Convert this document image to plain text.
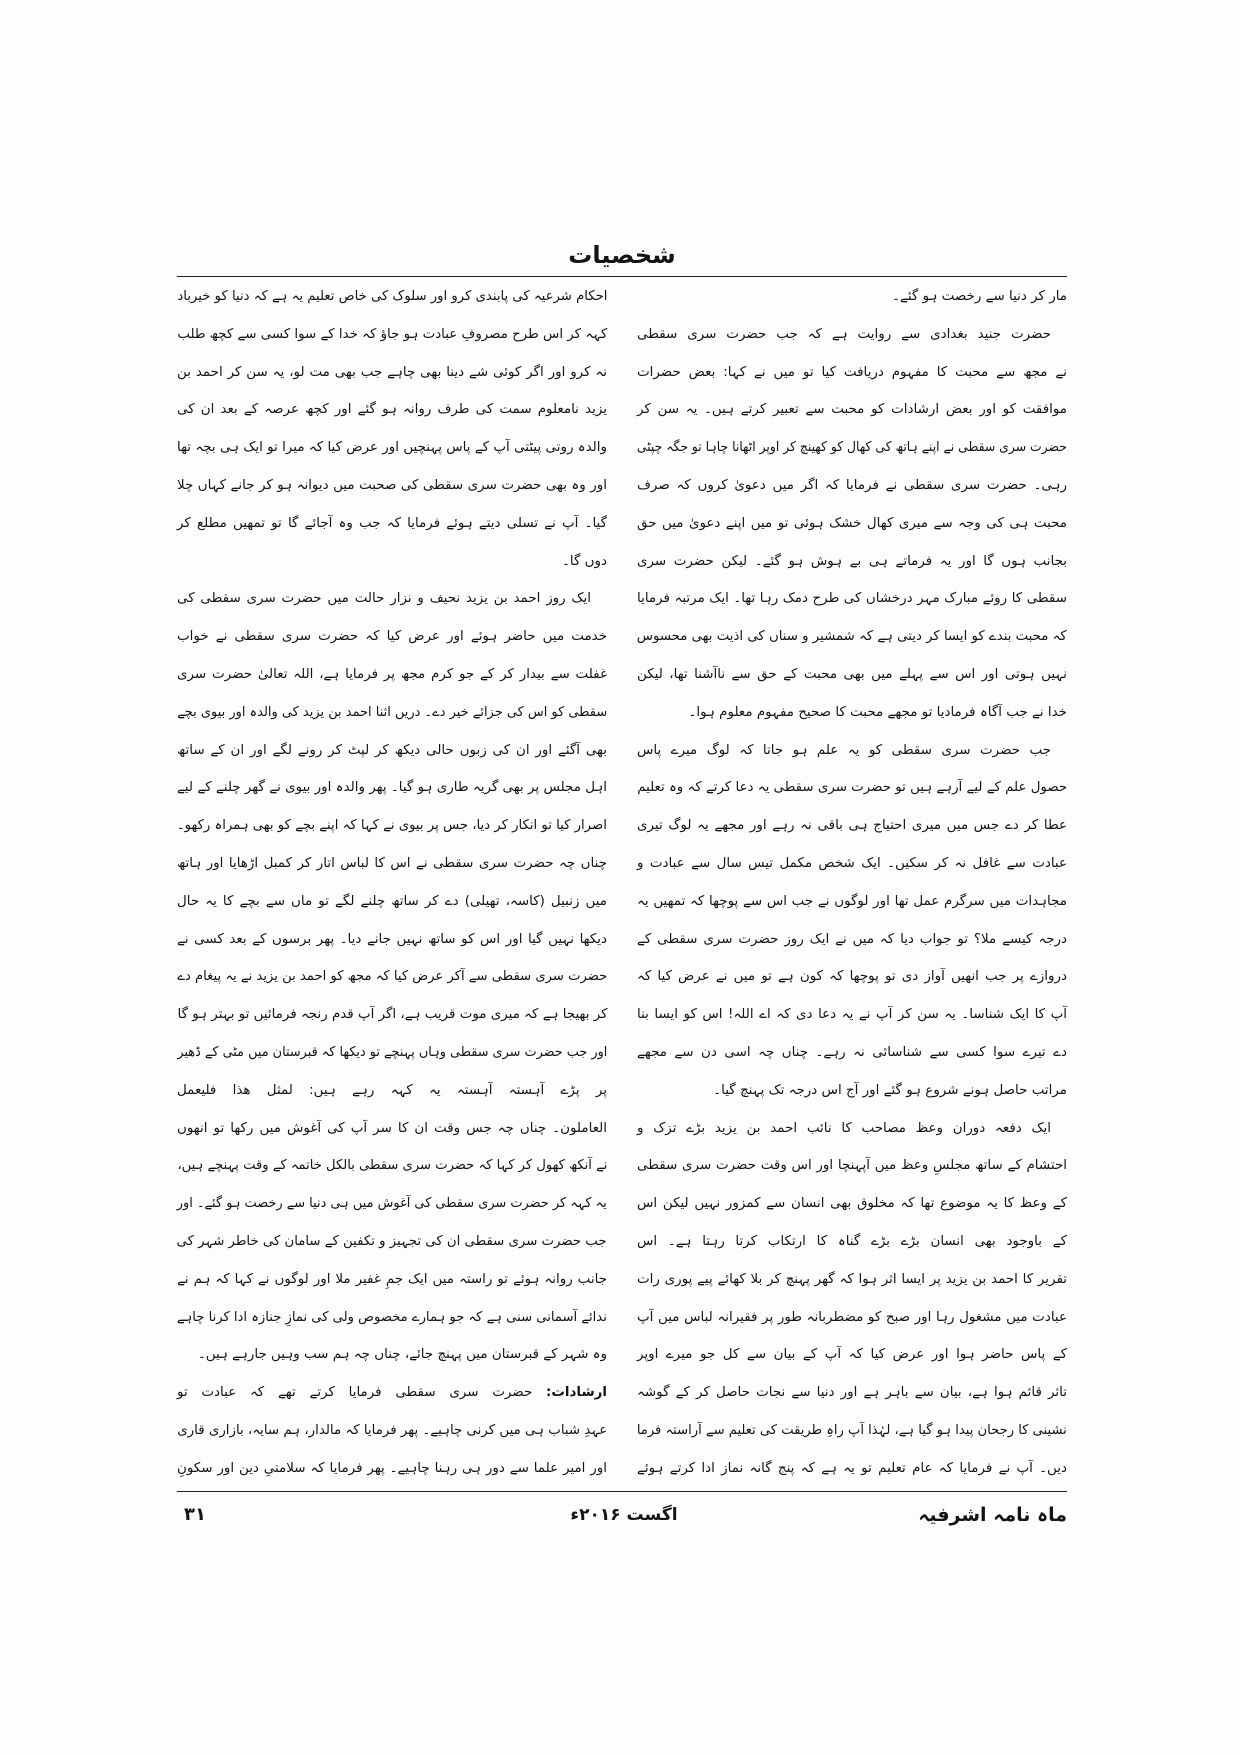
شخصیات
مار کر دنیا سے رخصت ہو گئے۔
حضرت جنید بغدادی سے روایت ہے کہ جب حضرت سری سقطی
نے مجھ سے محبت کا مفہوم دریافت کیا تو میں نے کہا: بعض حضرات
موافقت کو اور بعض ارشادات کو محبت سے تعبیر کرتے ہیں۔ یہ سن کر
حضرت سری سقطی نے اپنے ہاتھ کی کھال کو کھینچ کر اوپر اٹھانا چاہا تو جگہ چپٹی
رہی۔ حضرت سری سقطی نے فرمایا کہ اگر میں دعویٰ کروں کہ صرف
محبت ہی کی وجہ سے میری کھال خشک ہوئی تو میں اپنے دعویٰ میں حق
بجانب ہوں گا اور یہ فرماتے ہی بے ہوش ہو گئے۔ لیکن حضرت سری
سقطی کا روئے مبارک مہر درخشاں کی طرح دمک رہا تھا۔ ایک مرتبہ فرمایا
کہ محبت بندے کو ایسا کر دیتی ہے کہ شمشیر و سناں کی اذیت بھی محسوس
نہیں ہوتی اور اس سے پہلے میں بھی محبت کے حق سے ناآشنا تھا، لیکن
خدا نے جب آگاہ فرمادیا تو مجھے محبت کا صحیح مفہوم معلوم ہوا۔
جب حضرت سری سقطی کو یہ علم ہو جاتا کہ لوگ میرے پاس
حصول علم کے لیے آرہے ہیں تو حضرت سری سقطی یہ دعا کرتے کہ وہ تعلیم
عطا کر دے جس میں میری احتیاج ہی باقی نہ رہے اور مجھے یہ لوگ تیری
عبادت سے غافل نہ کر سکیں۔ ایک شخص مکمل تیس سال سے عبادت و
مجاہدات میں سرگرم عمل تھا اور لوگوں نے جب اس سے پوچھا کہ تمھیں یہ
درجہ کیسے ملا؟ تو جواب دیا کہ میں نے ایک روز حضرت سری سقطی کے
دروازے پر جب انھیں آواز دی تو پوچھا کہ کون ہے تو میں نے عرض کیا کہ
آپ کا ایک شناسا۔ یہ سن کر آپ نے یہ دعا دی کہ اے اللہ! اس کو ایسا بنا
دے تیرے سوا کسی سے شناسائی نہ رہے۔ چناں چہ اسی دن سے مجھے
مراتب حاصل ہونے شروع ہو گئے اور آج اس درجہ تک پہنچ گیا۔
ایک دفعہ دوران وعظ مصاحب کا نائب احمد بن یزید بڑے تزک و
احتشام کے ساتھ مجلسِ وعظ میں آپہنچا اور اس وقت حضرت سری سقطی
کے وعظ کا یہ موضوع تھا کہ مخلوق بھی انسان سے کمزور نہیں لیکن اس
کے باوجود بھی انسان بڑے بڑے گناہ کا ارتکاب کرتا رہتا ہے۔ اس
تقریر کا احمد بن یزید پر ایسا اثر ہوا کہ گھر پہنچ کر بلا کھائے پیے پوری رات
عبادت میں مشغول رہا اور صبح کو مضطربانہ طور پر فقیرانہ لباس میں آپ
کے پاس حاضر ہوا اور عرض کیا کہ آپ کے بیان سے کل جو میرے اوپر
تاثر قائم ہوا ہے، بیان سے باہر ہے اور دنیا سے نجات حاصل کر کے گوشہ
نشینی کا رجحان پیدا ہو گیا ہے، لہٰذا آپ راہِ طریقت کی تعلیم سے آراستہ فرما
دیں۔ آپ نے فرمایا کہ عام تعلیم تو یہ ہے کہ پنج گانہ نماز ادا کرتے ہوئے
احکام شرعیہ کی پابندی کرو اور سلوک کی خاص تعلیم یہ ہے کہ دنیا کو خیرباد
کہہ کر اس طرح مصروفِ عبادت ہو جاؤ کہ خدا کے سوا کسی سے کچھ طلب
نہ کرو اور اگر کوئی شے دینا بھی چاہے جب بھی مت لو، یہ سن کر احمد بن
یزید نامعلوم سمت کی طرف روانہ ہو گئے اور کچھ عرصہ کے بعد ان کی
والدہ روتی پیٹتی آپ کے پاس پہنچیں اور عرض کیا کہ میرا تو ایک ہی بچہ تھا
اور وہ بھی حضرت سری سقطی کی صحبت میں دیوانہ ہو کر جانے کہاں چلا
گیا۔ آپ نے تسلی دیتے ہوئے فرمایا کہ جب وہ آجائے گا تو تمھیں مطلع کر
دوں گا۔
ایک روز احمد بن یزید نحیف و نزار حالت میں حضرت سری سقطی کی
خدمت میں حاضر ہوئے اور عرض کیا کہ حضرت سری سقطی نے خواب
غفلت سے بیدار کر کے جو کرم مجھ پر فرمایا ہے، اللہ تعالیٰ حضرت سری
سقطی کو اس کی جزائے خیر دے۔ دریں اثنا احمد بن یزید کی والدہ اور بیوی بچے
بھی آگئے اور ان کی زبوں حالی دیکھ کر لپٹ کر رونے لگے اور ان کے ساتھ
اہل مجلس پر بھی گریہ طاری ہو گیا۔ پھر والدہ اور بیوی نے گھر چلنے کے لیے
اصرار کیا تو انکار کر دیا، جس پر بیوی نے کہا کہ اپنے بچے کو بھی ہمراہ رکھو۔
چناں چہ حضرت سری سقطی نے اس کا لباس اتار کر کمبل اڑھایا اور ہاتھ
میں زنبیل (کاسہ، تھیلی) دے کر ساتھ چلنے لگے تو ماں سے بچے کا یہ حال
دیکھا نہیں گیا اور اس کو ساتھ نہیں جانے دیا۔ پھر برسوں کے بعد کسی نے
حضرت سری سقطی سے آکر عرض کیا کہ مجھ کو احمد بن یزید نے یہ پیغام دے
کر بھیجا ہے کہ میری موت قریب ہے، اگر آپ قدم رنجہ فرمائیں تو بہتر ہو گا
اور جب حضرت سری سقطی وہاں پہنچے تو دیکھا کہ قبرستان میں مٹی کے ڈھیر
پر پڑے آہستہ آہستہ یہ کہہ رہے ہیں: لمثل ھذا فلیعمل
العاملون۔ چناں چہ جس وقت ان کا سر آپ کی آغوش میں رکھا تو انھوں
نے آنکھ کھول کر کہا کہ حضرت سری سقطی بالکل خاتمہ کے وقت پہنچے ہیں،
یہ کہہ کر حضرت سری سقطی کی آغوش میں ہی دنیا سے رخصت ہو گئے۔ اور
جب حضرت سری سقطی ان کی تجہیز و تکفین کے سامان کی خاطر شہر کی
جانب روانہ ہوئے تو راستہ میں ایک جمِ غفیر ملا اور لوگوں نے کہا کہ ہم نے
ندائے آسمانی سنی ہے کہ جو ہمارے مخصوص ولی کی نمازِ جنازہ ادا کرنا چاہے
وہ شہر کے قبرستان میں پہنچ جائے، چناں چہ ہم سب وہیں جارہے ہیں۔
ارشادات: حضرت سری سقطی فرمایا کرتے تھے کہ عبادت تو
عہدِ شباب ہی میں کرنی چاہیے۔ پھر فرمایا کہ مالدار، ہم سایہ، بازاری قاری
اور امیر علما سے دور ہی رہنا چاہیے۔ پھر فرمایا کہ سلامتیِ دین اور سکونِ
ماہ نامہ اشرفیہ
اگست ۲۰۱۶ء
۳۱
